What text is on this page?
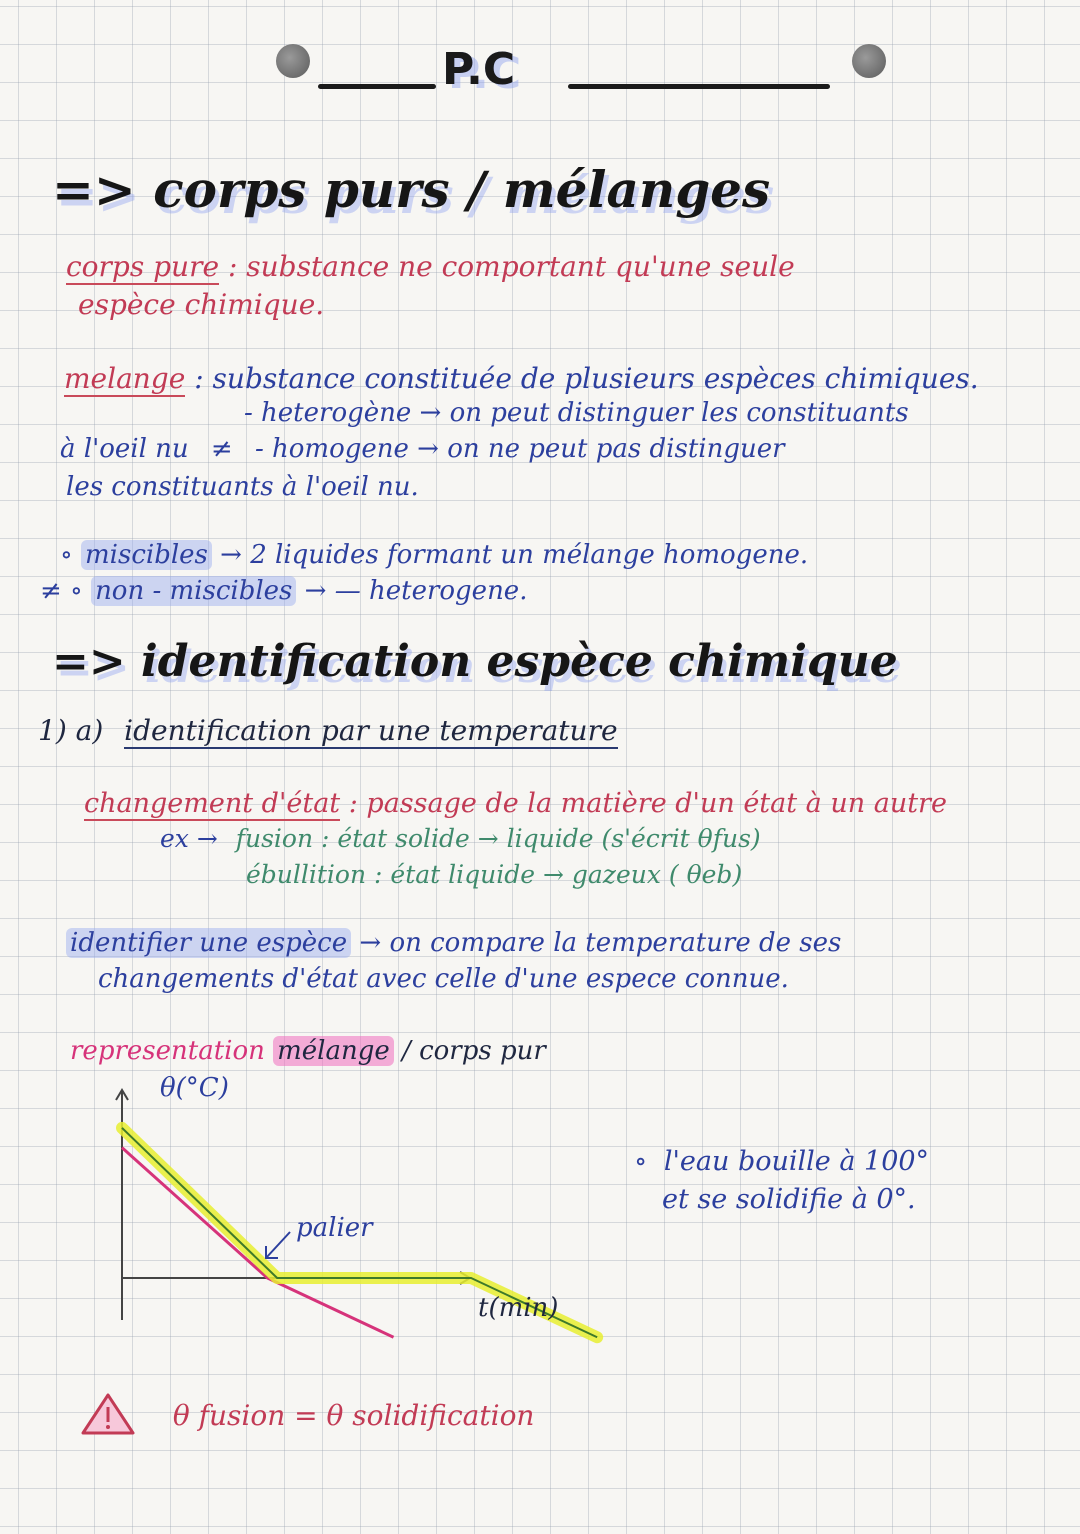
P.C
=> corps purs / mélanges
corps pure : substance ne comportant qu'une seule
espèce chimique.
melange : substance constituée de plusieurs espèces chimiques.
- heterogène → on peut distinguer les constituants
à l'oeil nu ≠ - homogene → on ne peut pas distinguer
les constituants à l'oeil nu.
∘ miscibles → 2 liquides formant un mélange homogene.
≠ ∘ non - miscibles → — heterogene.
=> identification espèce chimique
1) a) identification par une temperature
changement d'état : passage de la matière d'un état à un autre
ex → fusion : état solide → liquide (s'écrit θfus)
ébullition : état liquide → gazeux ( θeb)
identifier une espèce → on compare la temperature de ses
changements d'état avec celle d'une espece connue.
representation mélange / corps pur
θ(°C)
t(min)
palier
∘ l'eau bouille à 100°
et se solidifie à 0°.
θ fusion = θ solidification
